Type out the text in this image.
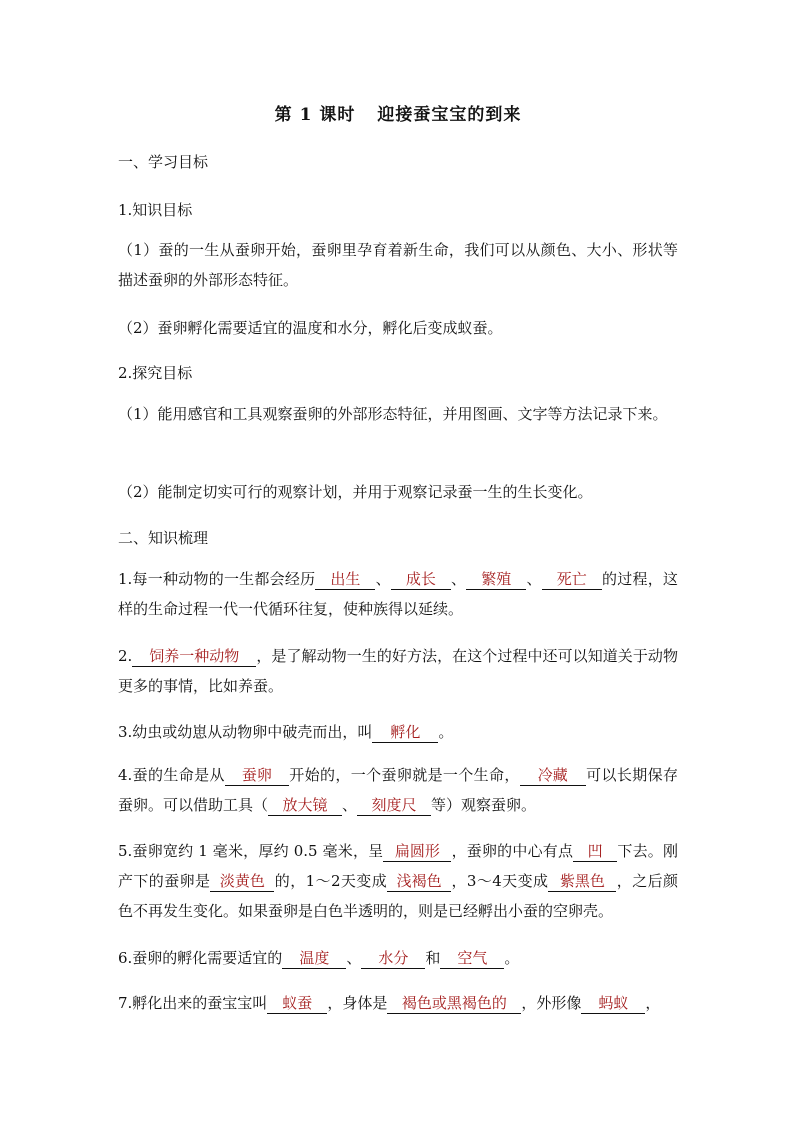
第 1 课时 迎接蚕宝宝的到来
一、学习目标
1.知识目标
（1）蚕的一生从蚕卵开始，蚕卵里孕育着新生命，我们可以从颜色、大小、形状等描述蚕卵的外部形态特征。
（2）蚕卵孵化需要适宜的温度和水分，孵化后变成蚁蚕。
2.探究目标
（1）能用感官和工具观察蚕卵的外部形态特征，并用图画、文字等方法记录下来。
（2）能制定切实可行的观察计划，并用于观察记录蚕一生的生长变化。
二、知识梳理
1.每一种动物的一生都会经历 出生 、 成长 、 繁殖 、 死亡 的过程，这样的生命过程一代一代循环往复，使种族得以延续。
2. 饲养一种动物 ，是了解动物一生的好方法，在这个过程中还可以知道关于动物更多的事情，比如养蚕。
3.幼虫或幼崽从动物卵中破壳而出，叫 孵化 。
4.蚕的生命是从 蚕卵 开始的，一个蚕卵就是一个生命， 冷藏 可以长期保存蚕卵。可以借助工具（ 放大镜 、 刻度尺 等）观察蚕卵。
5.蚕卵宽约 1 毫米，厚约 0.5 毫米，呈 扁圆形 ，蚕卵的中心有点 凹 下去。刚产下的蚕卵是 淡黄色 的，1～2天变成 浅褐色 ，3～4天变成 紫黑色 ，之后颜色不再发生变化。如果蚕卵是白色半透明的，则是已经孵出小蚕的空卵壳。
6.蚕卵的孵化需要适宜的 温度 、 水分 和 空气 。
7.孵化出来的蚕宝宝叫 蚁蚕 ，身体是 褐色或黑褐色的 ，外形像 蚂蚁 ，
